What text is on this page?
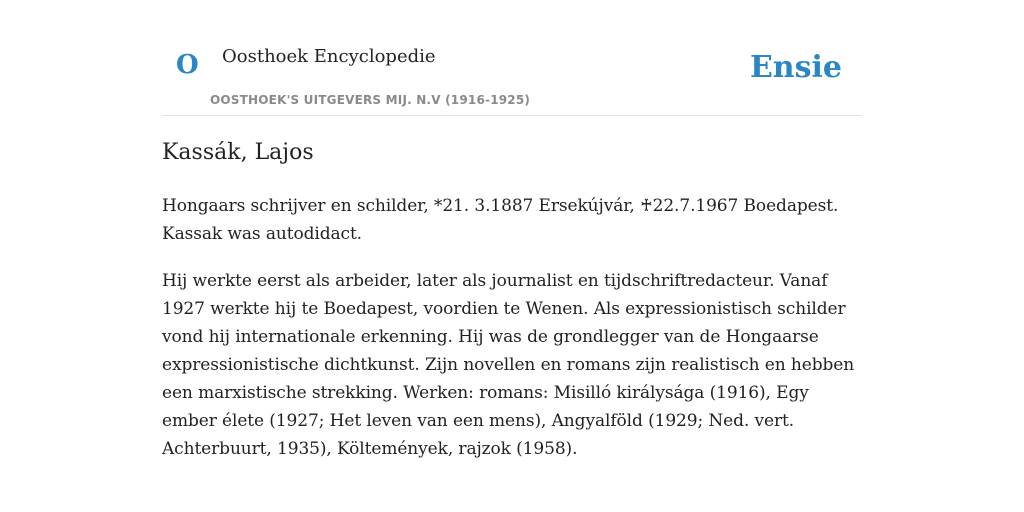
O Oosthoek Encyclopedie
OOSTHOEK'S UITGEVERS MIJ. N.V (1916-1925)
Ensie
Kassák, Lajos

Hongaars schrijver en schilder, *21. 3.1887 Ersekújvár, ♰22.7.1967 Boedapest. Kassak was autodidact.

Hij werkte eerst als arbeider, later als journalist en tijdschriftredacteur. Vanaf 1927 werkte hij te Boedapest, voordien te Wenen. Als expressionistisch schilder vond hij internationale erkenning. Hij was de grondlegger van de Hongaarse expressionistische dichtkunst. Zijn novellen en romans zijn realistisch en hebben een marxistische strekking. Werken: romans: Misilló királysága (1916), Egy ember élete (1927; Het leven van een mens), Angyalföld (1929; Ned. vert. Achterbuurt, 1935), Költemények, rajzok (1958).
